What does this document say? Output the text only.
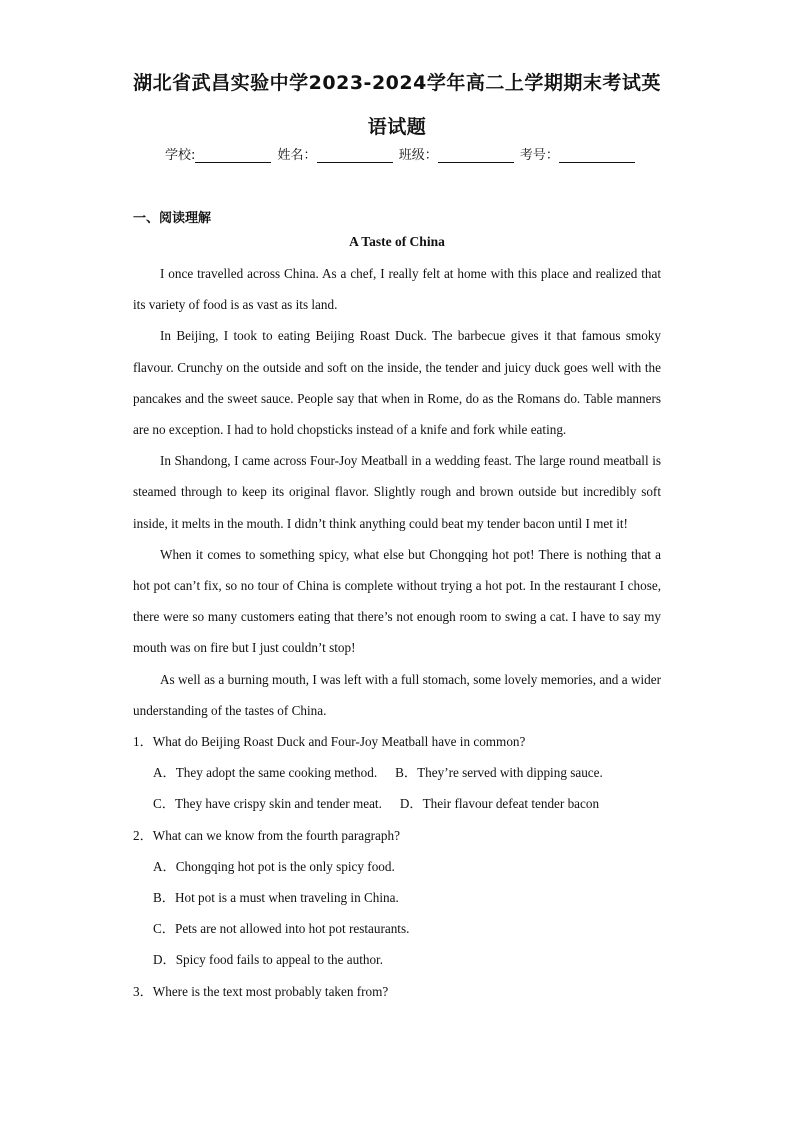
湖北省武昌实验中学2023-2024学年高二上学期期末考试英
语试题
学校:	姓名：	班级：	考号：
一、阅读理解
A Taste of China

I once travelled across China. As a chef, I really felt at home with this place and realized that its variety of food is as vast as its land.

In Beijing, I took to eating Beijing Roast Duck. The barbecue gives it that famous smoky flavour. Crunchy on the outside and soft on the inside, the tender and juicy duck goes well with the pancakes and the sweet sauce. People say that when in Rome, do as the Romans do. Table manners are no exception. I had to hold chopsticks instead of a knife and fork while eating.

In Shandong, I came across Four-Joy Meatball in a wedding feast. The large round meatball is steamed through to keep its original flavor. Slightly rough and brown outside but incredibly soft inside, it melts in the mouth. I didn’t think anything could beat my tender bacon until I met it!

When it comes to something spicy, what else but Chongqing hot pot! There is nothing that a hot pot can’t fix, so no tour of China is complete without trying a hot pot. In the restaurant I chose, there were so many customers eating that there’s not enough room to swing a cat. I have to say my mouth was on fire but I just couldn’t stop!

As well as a burning mouth, I was left with a full stomach, some lovely memories, and a wider understanding of the tastes of China.

1．What do Beijing Roast Duck and Four-Joy Meatball have in common?
A．They adopt the same cooking method. B．They’re served with dipping sauce.
C．They have crispy skin and tender meat. D．Their flavour defeat tender bacon
2．What can we know from the fourth paragraph?
A．Chongqing hot pot is the only spicy food.
B．Hot pot is a must when traveling in China.
C．Pets are not allowed into hot pot restaurants.
D．Spicy food fails to appeal to the author.
3．Where is the text most probably taken from?
